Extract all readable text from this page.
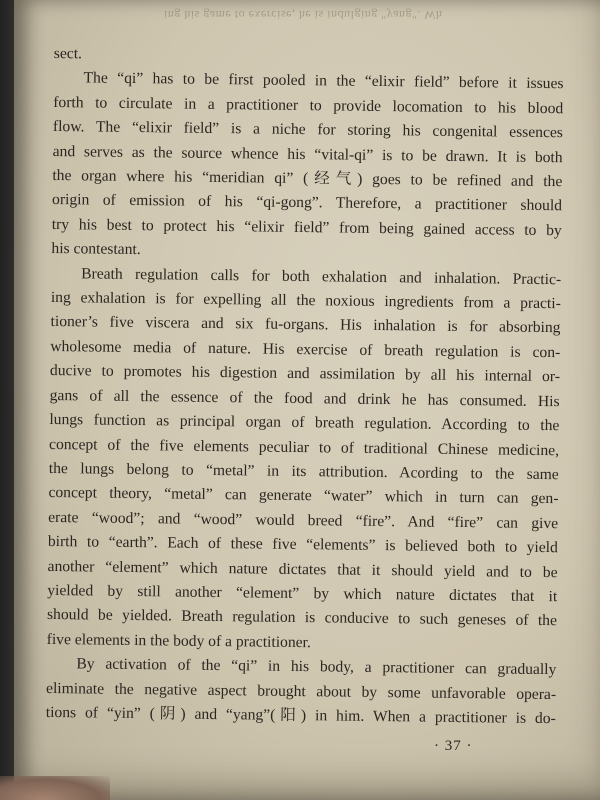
ing his game to exercise, he is indulging "yang". Wh
sect.
The “qi” has to be first pooled in the “elixir field” before it issues
forth to circulate in a practitioner to provide locomation to his blood
flow. The “elixir field” is a niche for storing his congenital essences
and serves as the source whence his “vital-qi” is to be drawn. It is both
the organ where his “meridian qi” (经气) goes to be refined and the
origin of emission of his “qi-gong”. Therefore, a practitioner should
try his best to protect his “elixir field” from being gained access to by
his contestant.
Breath regulation calls for both exhalation and inhalation. Practic-
ing exhalation is for expelling all the noxious ingredients from a practi-
tioner’s five viscera and six fu-organs. His inhalation is for absorbing
wholesome media of nature. His exercise of breath regulation is con-
ducive to promotes his digestion and assimilation by all his internal or-
gans of all the essence of the food and drink he has consumed. His
lungs function as principal organ of breath regulation. According to the
concept of the five elements peculiar to of traditional Chinese medicine,
the lungs belong to “metal” in its attribution. Acording to the same
concept theory, “metal” can generate “water” which in turn can gen-
erate “wood”; and “wood” would breed “fire”. And “fire” can give
birth to “earth”. Each of these five “elements” is believed both to yield
another “element” which nature dictates that it should yield and to be
yielded by still another “element” by which nature dictates that it
should be yielded. Breath regulation is conducive to such geneses of the
five elements in the body of a practitioner.
By activation of the “qi” in his body, a practitioner can gradually
eliminate the negative aspect brought about by some unfavorable opera-
tions of “yin” (阴) and “yang”(阳) in him. When a practitioner is do-
· 37 ·
